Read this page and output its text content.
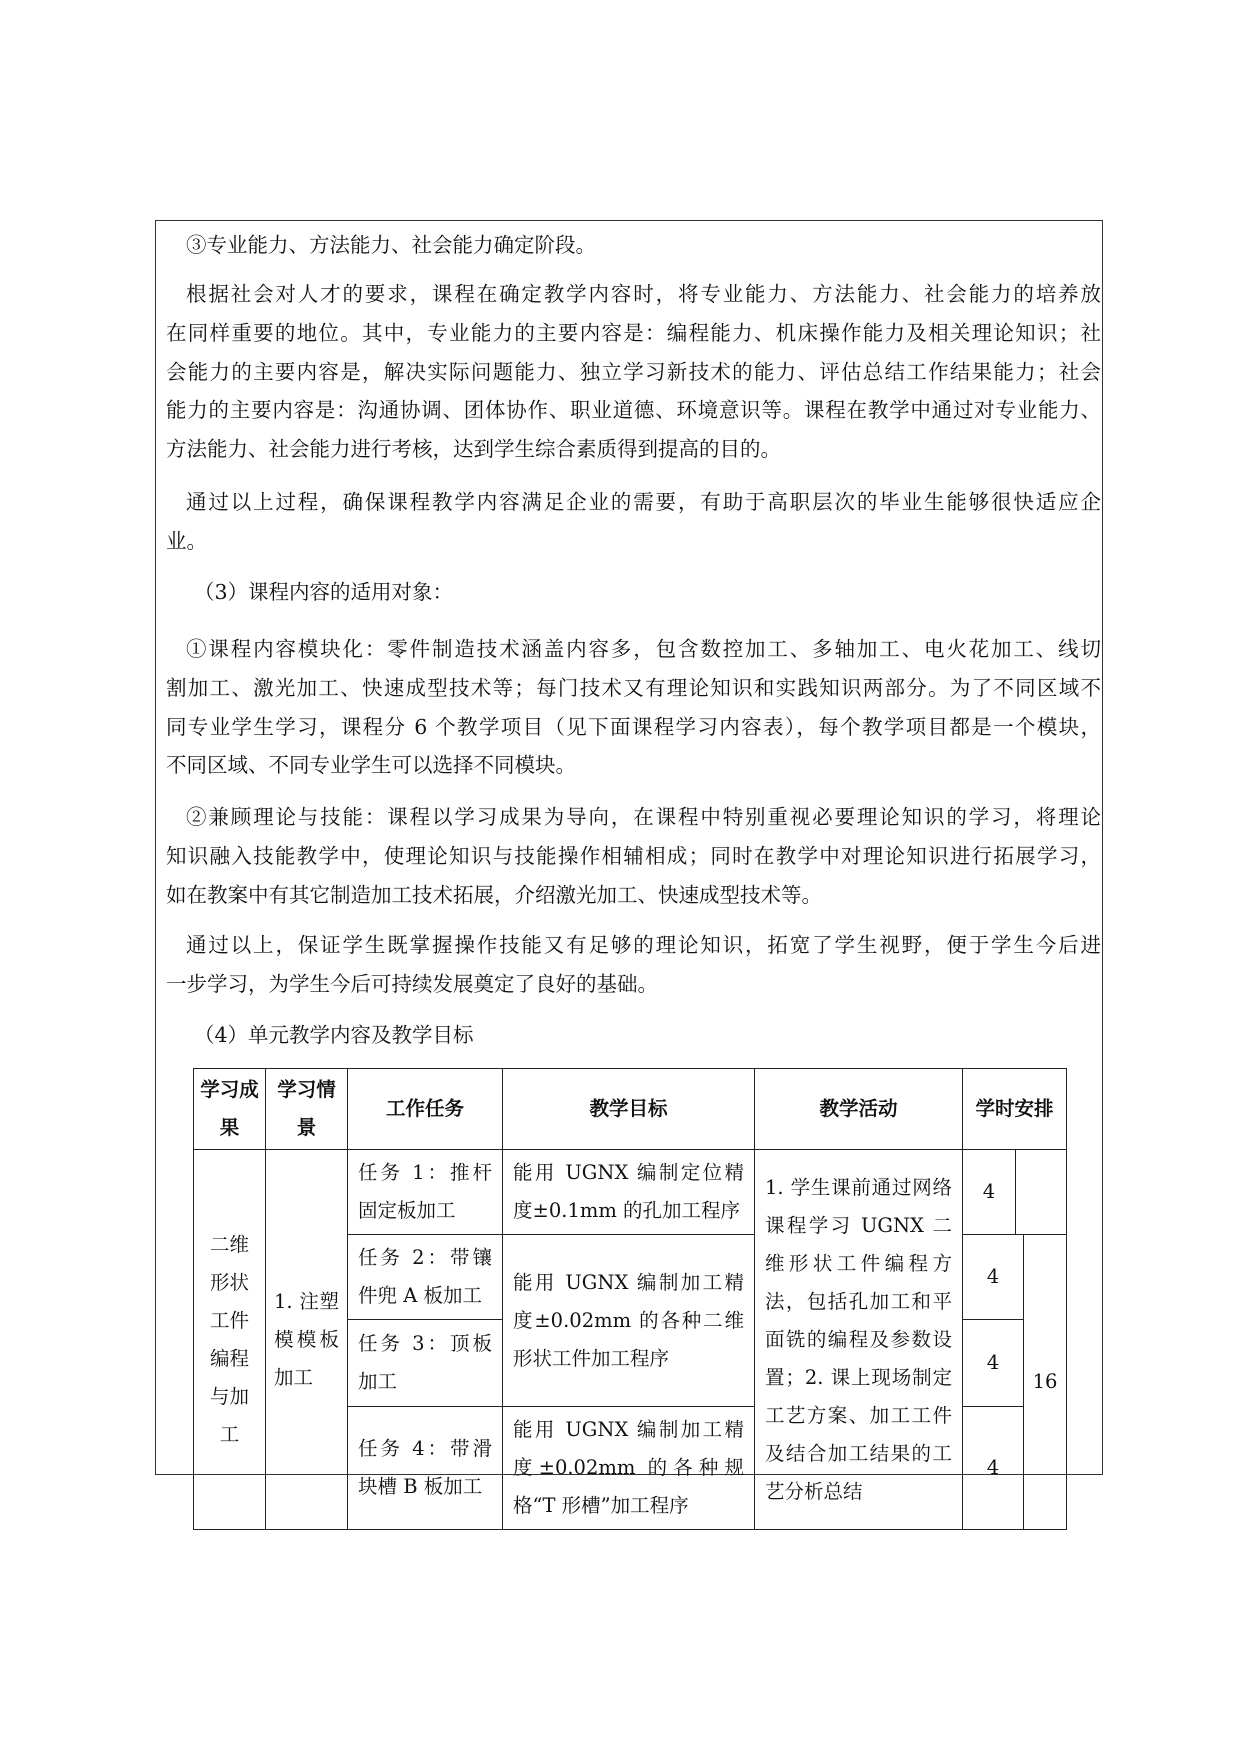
③专业能力、方法能力、社会能力确定阶段。
根据社会对人才的要求，课程在确定教学内容时，将专业能力、方法能力、社会能力的培养放
在同样重要的地位。其中，专业能力的主要内容是：编程能力、机床操作能力及相关理论知识；社
会能力的主要内容是，解决实际问题能力、独立学习新技术的能力、评估总结工作结果能力；社会
能力的主要内容是：沟通协调、团体协作、职业道德、环境意识等。课程在教学中通过对专业能力、
方法能力、社会能力进行考核，达到学生综合素质得到提高的目的。
通过以上过程，确保课程教学内容满足企业的需要，有助于高职层次的毕业生能够很快适应企
业。
（3）课程内容的适用对象：
①课程内容模块化：零件制造技术涵盖内容多，包含数控加工、多轴加工、电火花加工、线切
割加工、激光加工、快速成型技术等；每门技术又有理论知识和实践知识两部分。为了不同区域不
同专业学生学习，课程分 6 个教学项目（见下面课程学习内容表），每个教学项目都是一个模块，
不同区域、不同专业学生可以选择不同模块。
②兼顾理论与技能：课程以学习成果为导向，在课程中特别重视必要理论知识的学习，将理论
知识融入技能教学中，使理论知识与技能操作相辅相成；同时在教学中对理论知识进行拓展学习，
如在教案中有其它制造加工技术拓展，介绍激光加工、快速成型技术等。
通过以上，保证学生既掌握操作技能又有足够的理论知识，拓宽了学生视野，便于学生今后进
一步学习，为学生今后可持续发展奠定了良好的基础。
（4）单元教学内容及教学目标
学习成果	学习情景	工作任务	教学目标	教学活动	学时安排		
二维形状工件编程与加工	1. 注塑模模板加工	任务 1：推杆固定板加工	能用 UGNX 编制定位精度±0.1mm 的孔加工程序	1. 学生课前通过网络课程学习 UGNX 二维形状工件编程方法，包括孔加工和平面铣的编程及参数设置；2. 课上现场制定工艺方案、加工工件及结合加工结果的工艺分析总结	4		
		任务 2：带镶件兜 A 板加工	能用 UGNX 编制加工精度±0.02mm 的各种二维形状工件加工程序		4		16
		任务 3：顶板加工			4		
		任务 4：带滑块槽 B 板加工	能用 UGNX 编制加工精度±0.02mm 的各种规格“T 形槽”加工程序		4		
